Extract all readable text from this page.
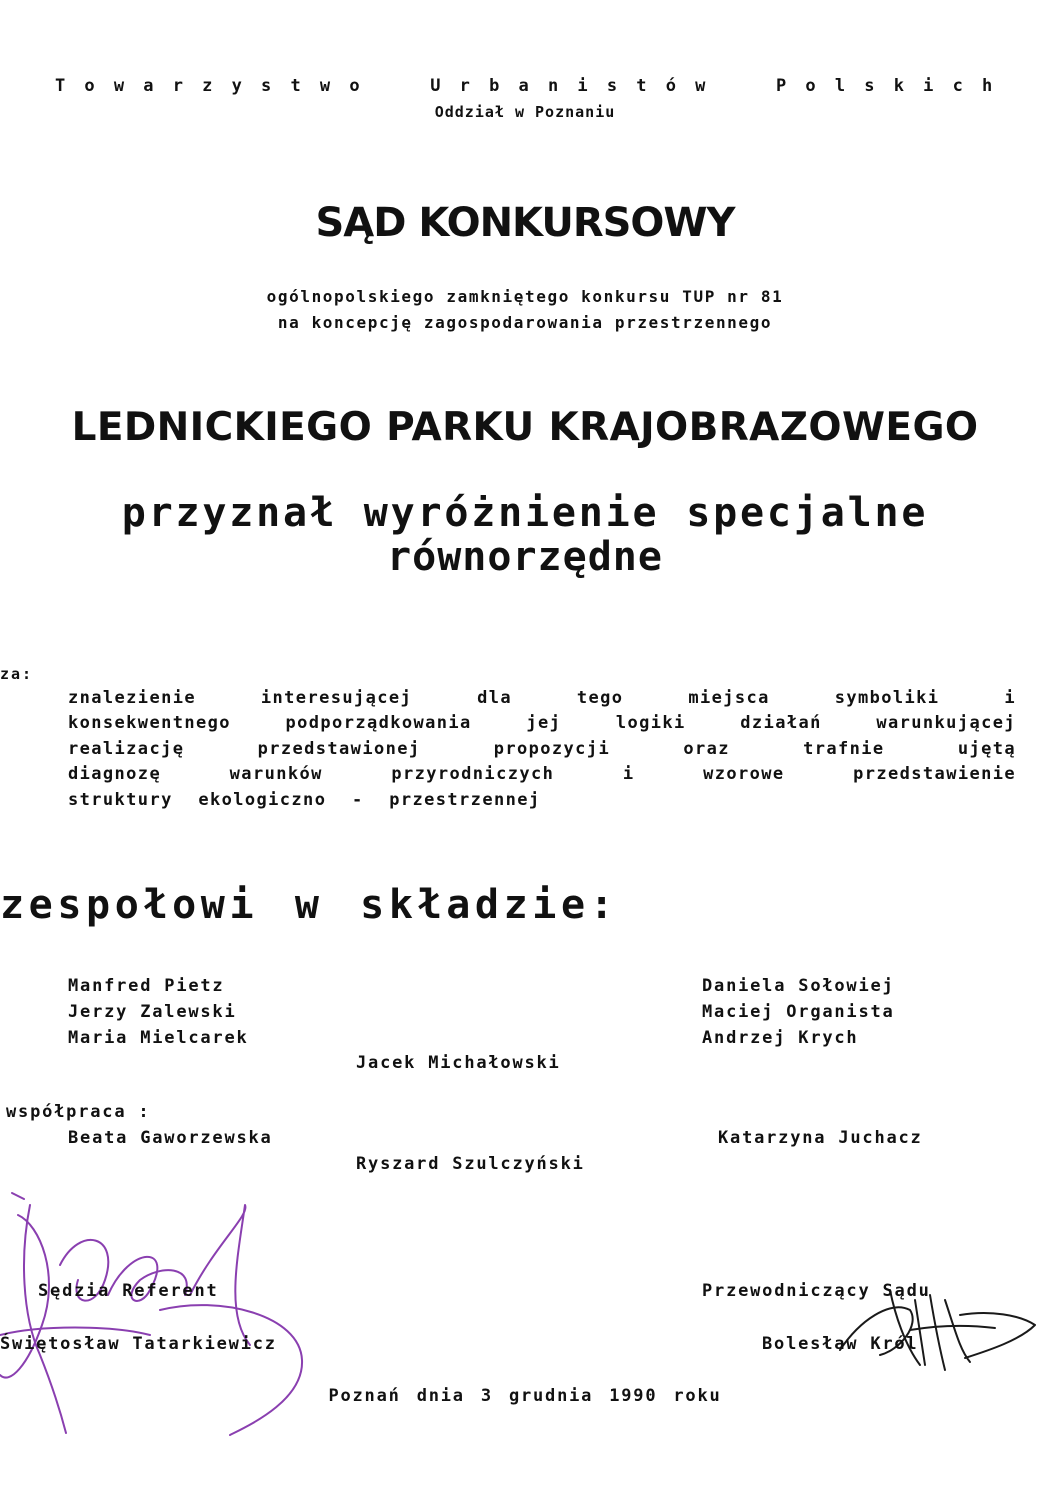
Towarzystwo Urbanistów Polskich
Oddział w Poznaniu
SĄD KONKURSOWY
ogólnopolskiego zamkniętego konkursu TUP nr 81
na koncepcję zagospodarowania przestrzennego
LEDNICKIEGO PARKU KRAJOBRAZOWEGO
przyznał wyróżnienie specjalne
równorzędne
za:
znalezienie interesującej dla tego miejsca symboliki i
konsekwentnego podporządkowania jej logiki działań warunkującej
realizację przedstawionej propozycji oraz trafnie ujętą
diagnozę warunków przyrodniczych i wzorowe przedstawienie
struktury ekologiczno - przestrzennej
zespołowi w składzie:
Manfred Pietz
Jerzy Zalewski
Maria Mielcarek
Daniela Sołowiej
Maciej Organista
Andrzej Krych
Jacek Michałowski
współpraca :
Beata Gaworzewska	Katarzyna Juchacz
Ryszard Szulczyński
Sędzia Referent
Świętosław Tatarkiewicz
Przewodniczący Sądu
Bolesław Król
Poznań dnia 3 grudnia 1990 roku
